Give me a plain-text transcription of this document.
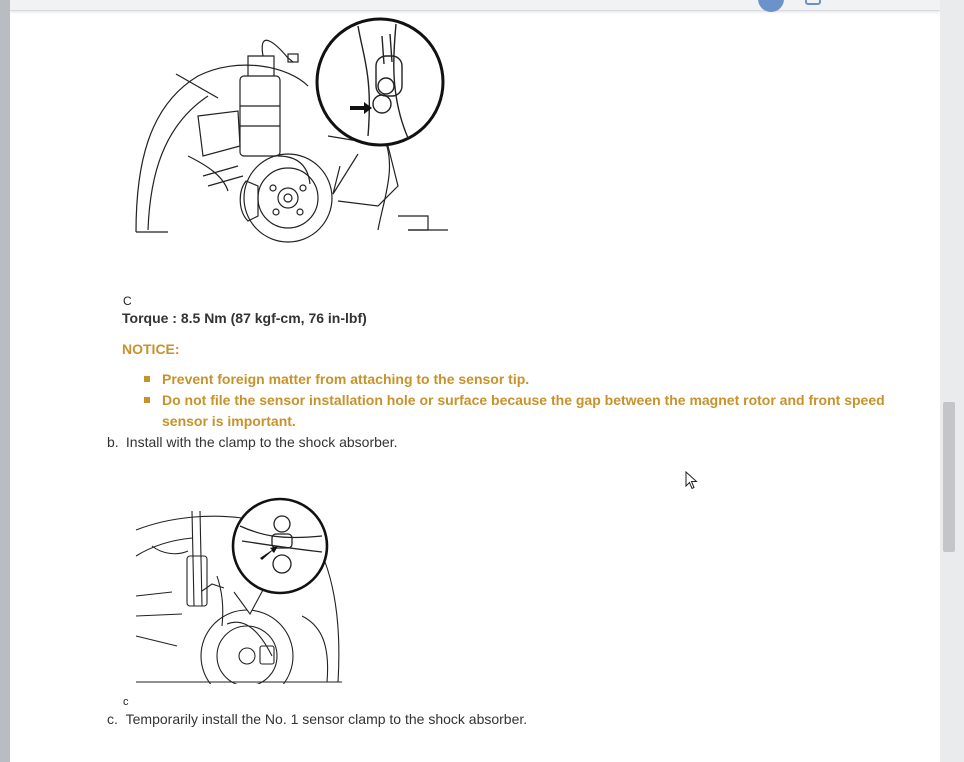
C
Torque : 8.5 Nm (87 kgf-cm, 76 in-lbf)
NOTICE:
Prevent foreign matter from attaching to the sensor tip.
Do not file the sensor installation hole or surface because the gap between the magnet rotor and front speed sensor is important.
b. Install with the clamp to the shock absorber.
c
c. Temporarily install the No. 1 sensor clamp to the shock absorber.
